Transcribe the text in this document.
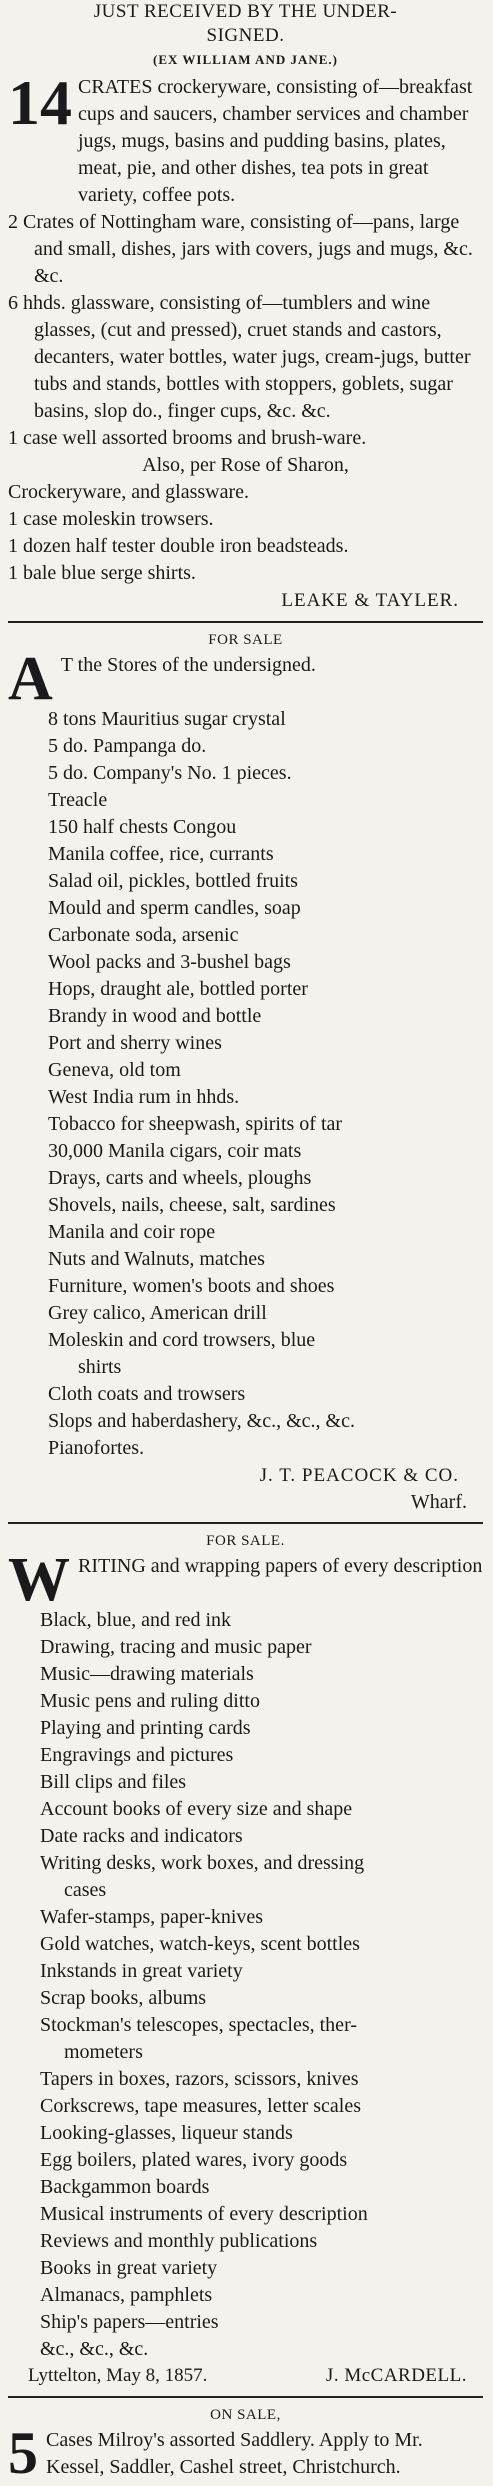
JUST RECEIVED BY THE UNDER-
SIGNED.
(EX WILLIAM AND JANE.)
14 CRATES crockeryware, consisting of—breakfast cups and saucers, chamber services and chamber jugs, mugs, basins and pudding basins, plates, meat, pie, and other dishes, tea pots in great variety, coffee pots.

2 Crates of Nottingham ware, consisting of—pans, large and small, dishes, jars with covers, jugs and mugs, &c. &c.

6 hhds. glassware, consisting of—tumblers and wine glasses, (cut and pressed), cruet stands and castors, decanters, water bottles, water jugs, cream-jugs, butter tubs and stands, bottles with stoppers, goblets, sugar basins, slop do., finger cups, &c. &c.

1 case well assorted brooms and brush-ware.

Also, per Rose of Sharon,
Crockeryware, and glassware.
1 case moleskin trowsers.
1 dozen half tester double iron beadsteads.
1 bale blue serge shirts.
LEAKE & TAYLER.
FOR SALE
A T the Stores of the undersigned.
8 tons Mauritius sugar crystal
5 do. Pampanga do.
5 do. Company's No. 1 pieces.
Treacle
150 half chests Congou
Manila coffee, rice, currants
Salad oil, pickles, bottled fruits
Mould and sperm candles, soap
Carbonate soda, arsenic
Wool packs and 3-bushel bags
Hops, draught ale, bottled porter
Brandy in wood and bottle
Port and sherry wines
Geneva, old tom
West India rum in hhds.
Tobacco for sheepwash, spirits of tar
30,000 Manila cigars, coir mats
Drays, carts and wheels, ploughs
Shovels, nails, cheese, salt, sardines
Manila and coir rope
Nuts and Walnuts, matches
Furniture, women's boots and shoes
Grey calico, American drill
Moleskin and cord trowsers, blue
shirts
Cloth coats and trowsers
Slops and haberdashery, &c., &c., &c.
Pianofortes.
J. T. PEACOCK & CO.
Wharf.
FOR SALE.
W RITING and wrapping papers of every description
Black, blue, and red ink
Drawing, tracing and music paper
Music—drawing materials
Music pens and ruling ditto
Playing and printing cards
Engravings and pictures
Bill clips and files
Account books of every size and shape
Date racks and indicators
Writing desks, work boxes, and dressing
cases
Wafer-stamps, paper-knives
Gold watches, watch-keys, scent bottles
Inkstands in great variety
Scrap books, albums
Stockman's telescopes, spectacles, ther-
mometers
Tapers in boxes, razors, scissors, knives
Corkscrews, tape measures, letter scales
Looking-glasses, liqueur stands
Egg boilers, plated wares, ivory goods
Backgammon boards
Musical instruments of every description
Reviews and monthly publications
Books in great variety
Almanacs, pamphlets
Ship's papers—entries
&c., &c., &c.
Lyttelton, May 8, 1857.	J. McCARDELL.
ON SALE,
5 Cases Milroy's assorted Saddlery. Apply to Mr. Kessel, Saddler, Cashel street, Christchurch.
